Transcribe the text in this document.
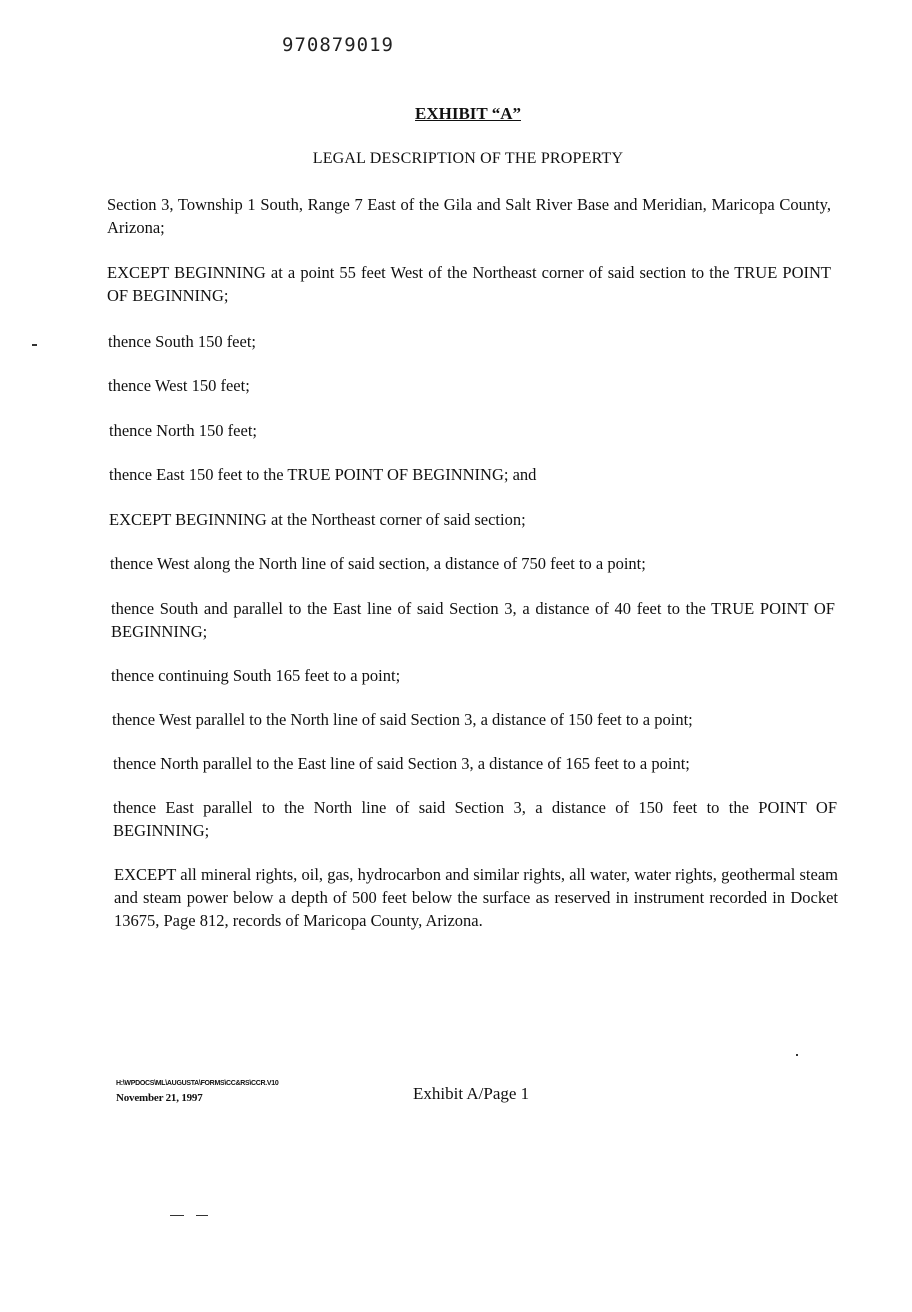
970879019
EXHIBIT “A”
LEGAL DESCRIPTION OF THE PROPERTY

Section 3, Township 1 South, Range 7 East of the Gila and Salt River Base and Meridian, Maricopa County, Arizona;

EXCEPT BEGINNING at a point 55 feet West of the Northeast corner of said section to the TRUE POINT OF BEGINNING;

thence South 150 feet;

thence West 150 feet;

thence North 150 feet;

thence East 150 feet to the TRUE POINT OF BEGINNING; and

EXCEPT BEGINNING at the Northeast corner of said section;

thence West along the North line of said section, a distance of 750 feet to a point;

thence South and parallel to the East line of said Section 3, a distance of 40 feet to the TRUE POINT OF BEGINNING;

thence continuing South 165 feet to a point;

thence West parallel to the North line of said Section 3, a distance of 150 feet to a point;

thence North parallel to the East line of said Section 3, a distance of 165 feet to a point;

thence East parallel to the North line of said Section 3, a distance of 150 feet to the POINT OF BEGINNING;

EXCEPT all mineral rights, oil, gas, hydrocarbon and similar rights, all water, water rights, geothermal steam and steam power below a depth of 500 feet below the surface as reserved in instrument recorded in Docket 13675, Page 812, records of Maricopa County, Arizona.

H:\WPDOCS\ML\AUGUSTA\FORMS\CC&RS\CCR.V10
November 21, 1997	Exhibit A/Page 1
